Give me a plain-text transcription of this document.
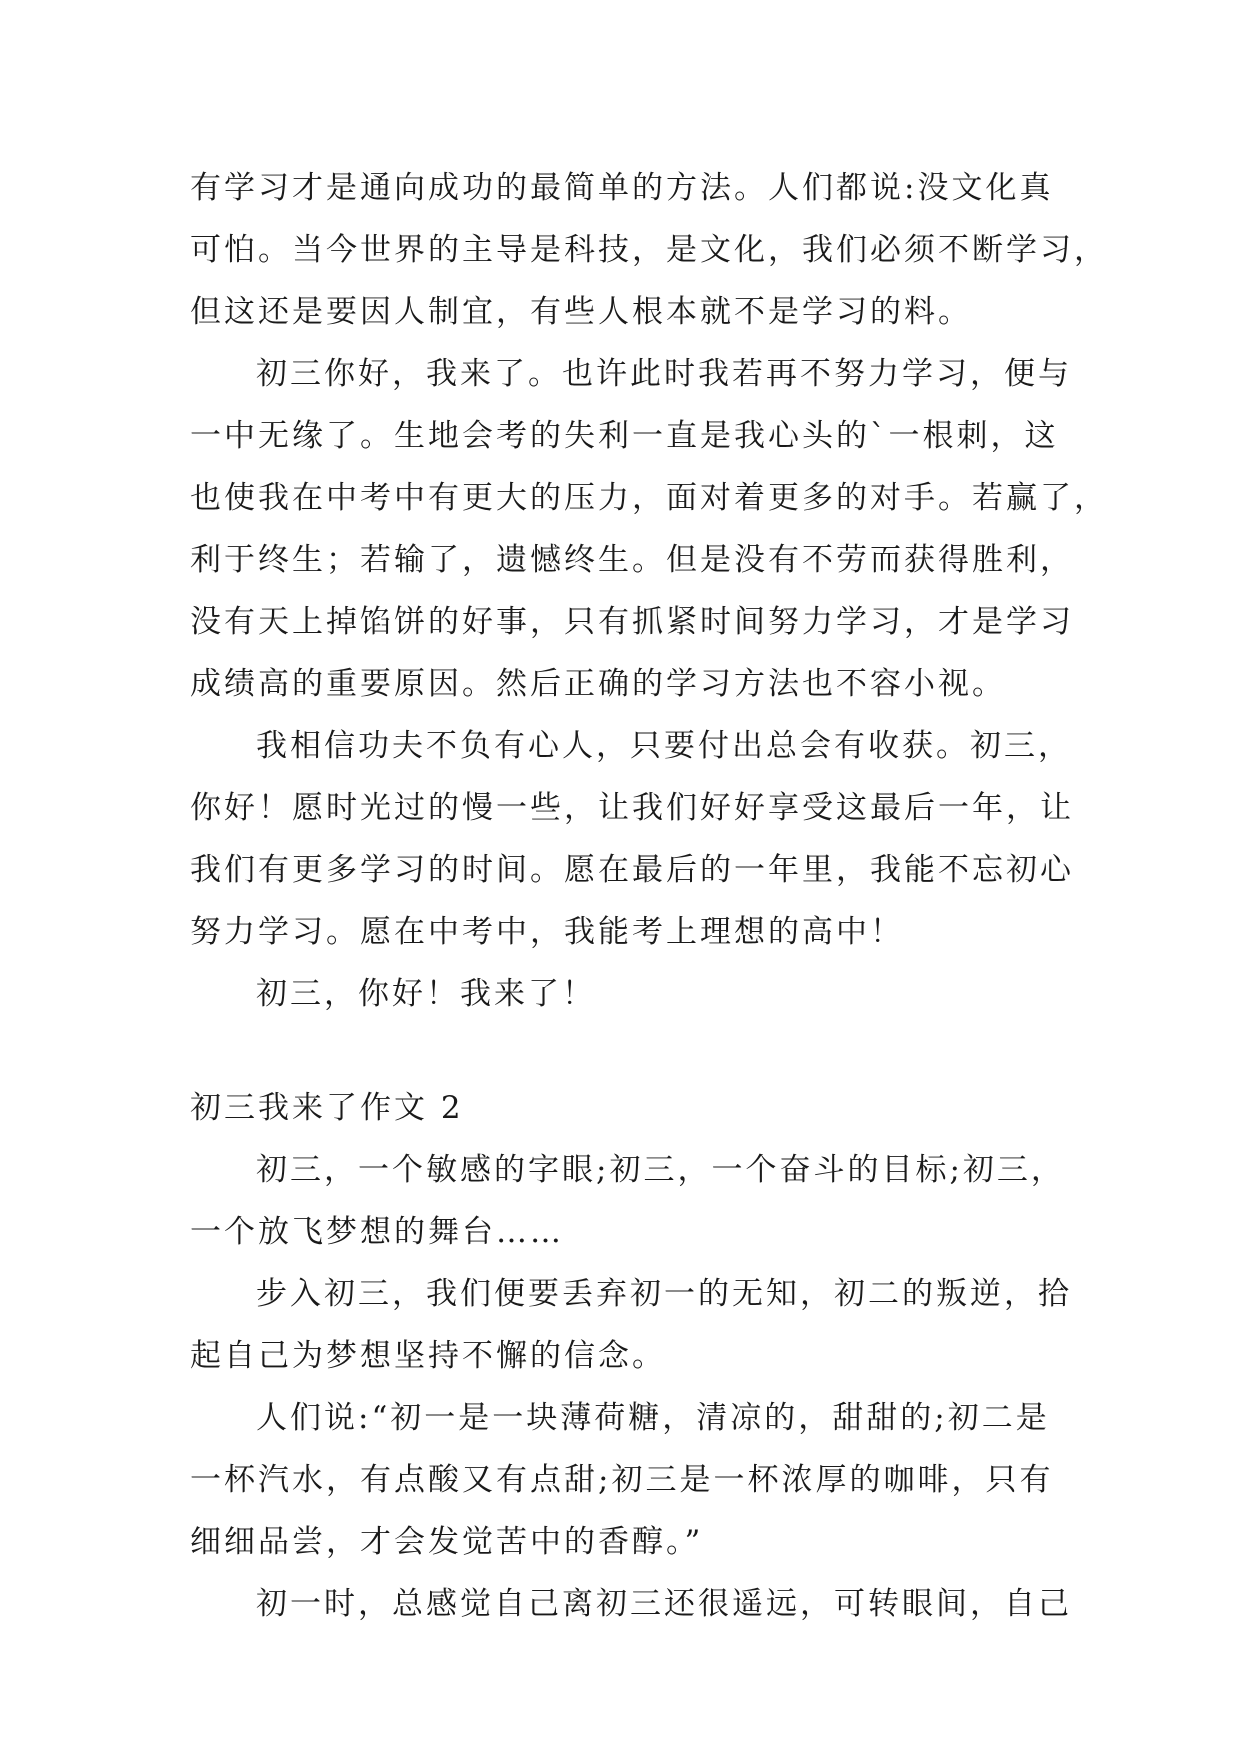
有学习才是通向成功的最简单的方法。人们都说:没文化真
可怕。当今世界的主导是科技，是文化，我们必须不断学习，
但这还是要因人制宜，有些人根本就不是学习的料。
初三你好，我来了。也许此时我若再不努力学习，便与
一中无缘了。生地会考的失利一直是我心头的`一根刺，这
也使我在中考中有更大的压力，面对着更多的对手。若赢了，
利于终生；若输了，遗憾终生。但是没有不劳而获得胜利，
没有天上掉馅饼的好事，只有抓紧时间努力学习，才是学习
成绩高的重要原因。然后正确的学习方法也不容小视。
我相信功夫不负有心人，只要付出总会有收获。初三，
你好！愿时光过的慢一些，让我们好好享受这最后一年，让
我们有更多学习的时间。愿在最后的一年里，我能不忘初心
努力学习。愿在中考中，我能考上理想的高中！
初三，你好！我来了！
初三我来了作文 2
初三，一个敏感的字眼;初三，一个奋斗的目标;初三，
一个放飞梦想的舞台……
步入初三，我们便要丢弃初一的无知，初二的叛逆，拾
起自己为梦想坚持不懈的信念。
人们说:“初一是一块薄荷糖，清凉的，甜甜的;初二是
一杯汽水，有点酸又有点甜;初三是一杯浓厚的咖啡，只有
细细品尝，才会发觉苦中的香醇。”
初一时，总感觉自己离初三还很遥远，可转眼间，自己
